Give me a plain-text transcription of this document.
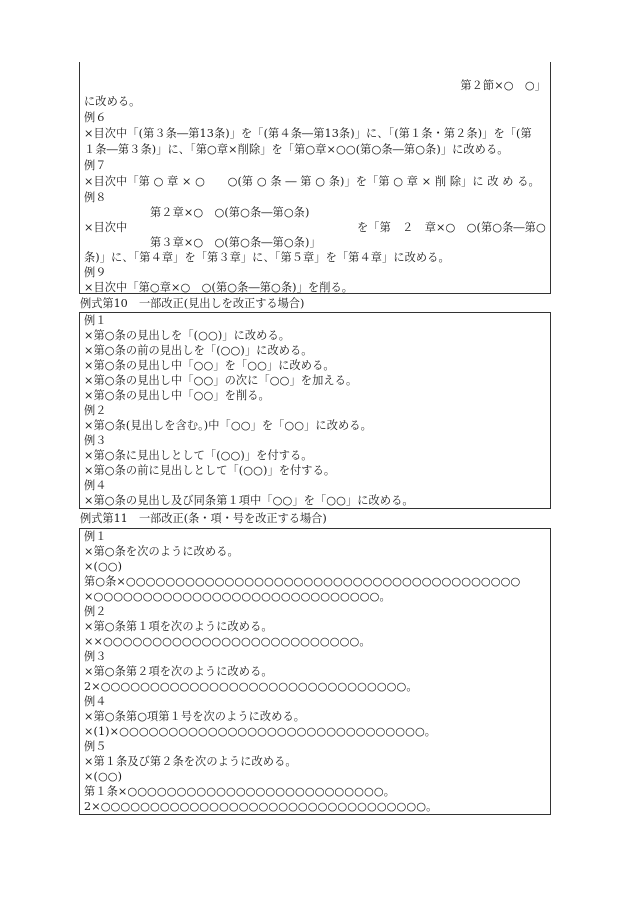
第２節×○　○」
に改める。
例６
×目次中「(第３条―第13条)」を「(第４条―第13条)」に、「(第１条・第２条)」を「(第
１条―第３条)」に、「第○章×削除」を「第○章×○○(第○条―第○条)」に改める。
例７
×目次中「第 ○ 章 × ○　　○(第 ○ 条 ― 第 ○ 条)」を「第 ○ 章 × 削 除」に 改 め る。
例８
第２章×○　○(第○条―第○条)
×目次中	を「第　２　章×○　○(第○条―第○
第３章×○　○(第○条―第○条)」
条)」に、「第４章」を「第３章」に、「第５章」を「第４章」に改める。
例９
×目次中「第○章×○　○(第○条―第○条)」を削る。
例式第10　一部改正(見出しを改正する場合)
例１
×第○条の見出しを「(○○)」に改める。
×第○条の前の見出しを「(○○)」に改める。
×第○条の見出し中「○○」を「○○」に改める。
×第○条の見出し中「○○」の次に「○○」を加える。
×第○条の見出し中「○○」を削る。
例２
×第○条(見出しを含む。)中「○○」を「○○」に改める。
例３
×第○条に見出しとして「(○○)」を付する。
×第○条の前に見出しとして「(○○)」を付する。
例４
×第○条の見出し及び同条第１項中「○○」を「○○」に改める。
例式第11　一部改正(条・項・号を改正する場合)
例１
×第○条を次のように改める。
×(○○)
第○条×○○○○○○○○○○○○○○○○○○○○○○○○○○○○○○○○○○○○○○○○
×○○○○○○○○○○○○○○○○○○○○○○○○○○○○○。
例２
×第○条第１項を次のように改める。
××○○○○○○○○○○○○○○○○○○○○○○○○○○。
例３
×第○条第２項を次のように改める。
2×○○○○○○○○○○○○○○○○○○○○○○○○○○○○○○○。
例４
×第○条第○項第１号を次のように改める。
×(1)×○○○○○○○○○○○○○○○○○○○○○○○○○○○○○○○。
例５
×第１条及び第２条を次のように改める。
×(○○)
第１条×○○○○○○○○○○○○○○○○○○○○○○○○○○。
2×○○○○○○○○○○○○○○○○○○○○○○○○○○○○○○○○○。
